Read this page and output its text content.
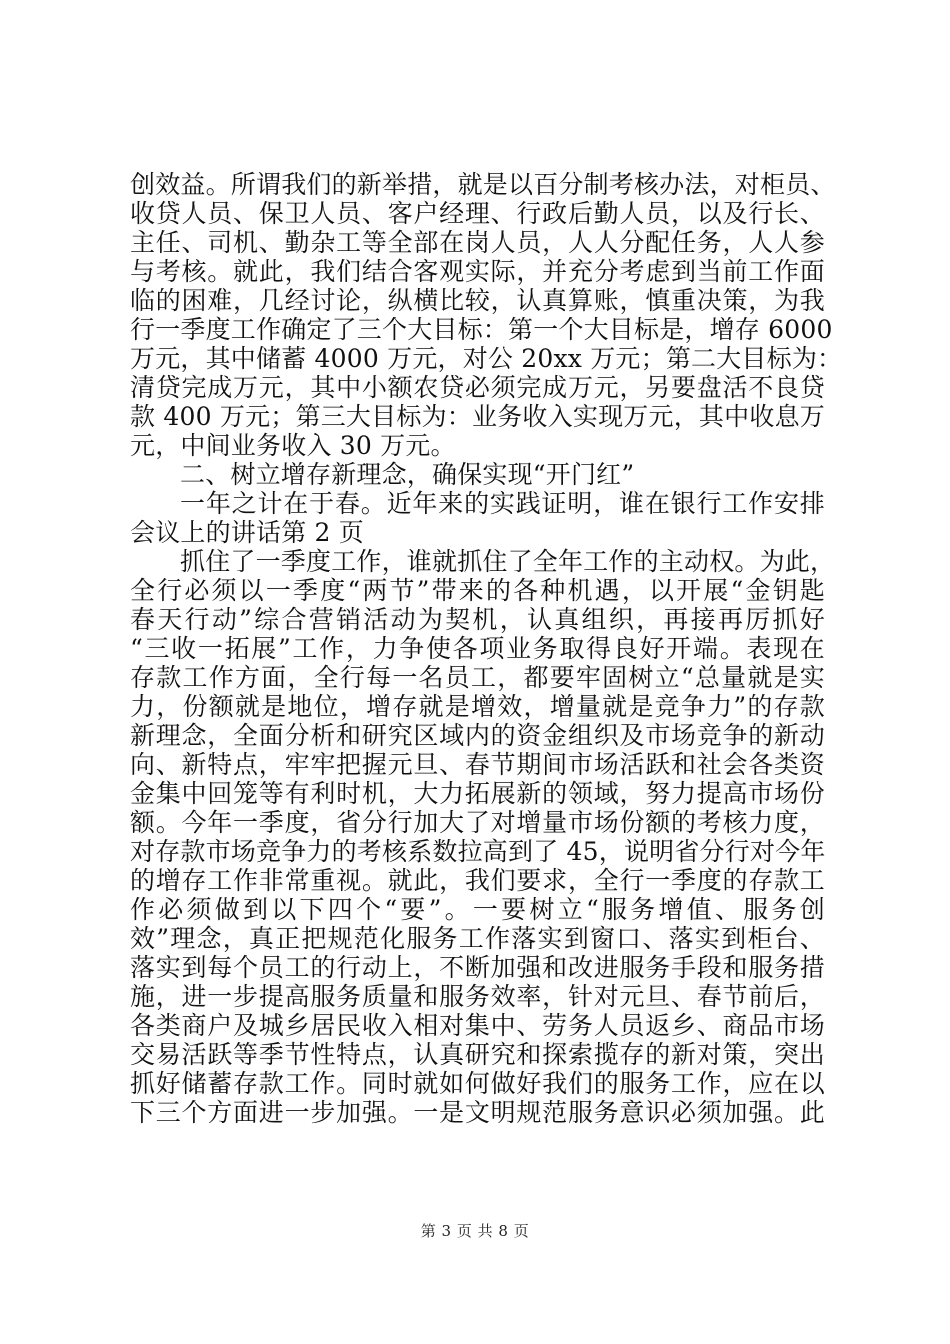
创效益。所谓我们的新举措，就是以百分制考核办法，对柜员、
收贷人员、保卫人员、客户经理、行政后勤人员，以及行长、
主任、司机、勤杂工等全部在岗人员，人人分配任务，人人参
与考核。就此，我们结合客观实际，并充分考虑到当前工作面
临的困难，几经讨论，纵横比较，认真算账，慎重决策，为我
行一季度工作确定了三个大目标：第一个大目标是，增存 6000
万元，其中储蓄 4000 万元，对公 20xx 万元；第二大目标为：
清贷完成万元，其中小额农贷必须完成万元，另要盘活不良贷
款 400 万元；第三大目标为：业务收入实现万元，其中收息万
元，中间业务收入 30 万元。
二、树立增存新理念，确保实现“开门红”
一年之计在于春。近年来的实践证明，谁在银行工作安排
会议上的讲话第 2 页
抓住了一季度工作，谁就抓住了全年工作的主动权。为此，
全行必须以一季度“两节”带来的各种机遇，以开展“金钥匙
春天行动”综合营销活动为契机，认真组织，再接再厉抓好
“三收一拓展”工作，力争使各项业务取得良好开端。表现在
存款工作方面，全行每一名员工，都要牢固树立“总量就是实
力，份额就是地位，增存就是增效，增量就是竞争力”的存款
新理念，全面分析和研究区域内的资金组织及市场竞争的新动
向、新特点，牢牢把握元旦、春节期间市场活跃和社会各类资
金集中回笼等有利时机，大力拓展新的领域，努力提高市场份
额。今年一季度，省分行加大了对增量市场份额的考核力度，
对存款市场竞争力的考核系数拉高到了 45，说明省分行对今年
的增存工作非常重视。就此，我们要求，全行一季度的存款工
作必须做到以下四个“要”。一要树立“服务增值、服务创
效”理念，真正把规范化服务工作落实到窗口、落实到柜台、
落实到每个员工的行动上，不断加强和改进服务手段和服务措
施，进一步提高服务质量和服务效率，针对元旦、春节前后，
各类商户及城乡居民收入相对集中、劳务人员返乡、商品市场
交易活跃等季节性特点，认真研究和探索揽存的新对策，突出
抓好储蓄存款工作。同时就如何做好我们的服务工作，应在以
下三个方面进一步加强。一是文明规范服务意识必须加强。此
第 3 页 共 8 页
